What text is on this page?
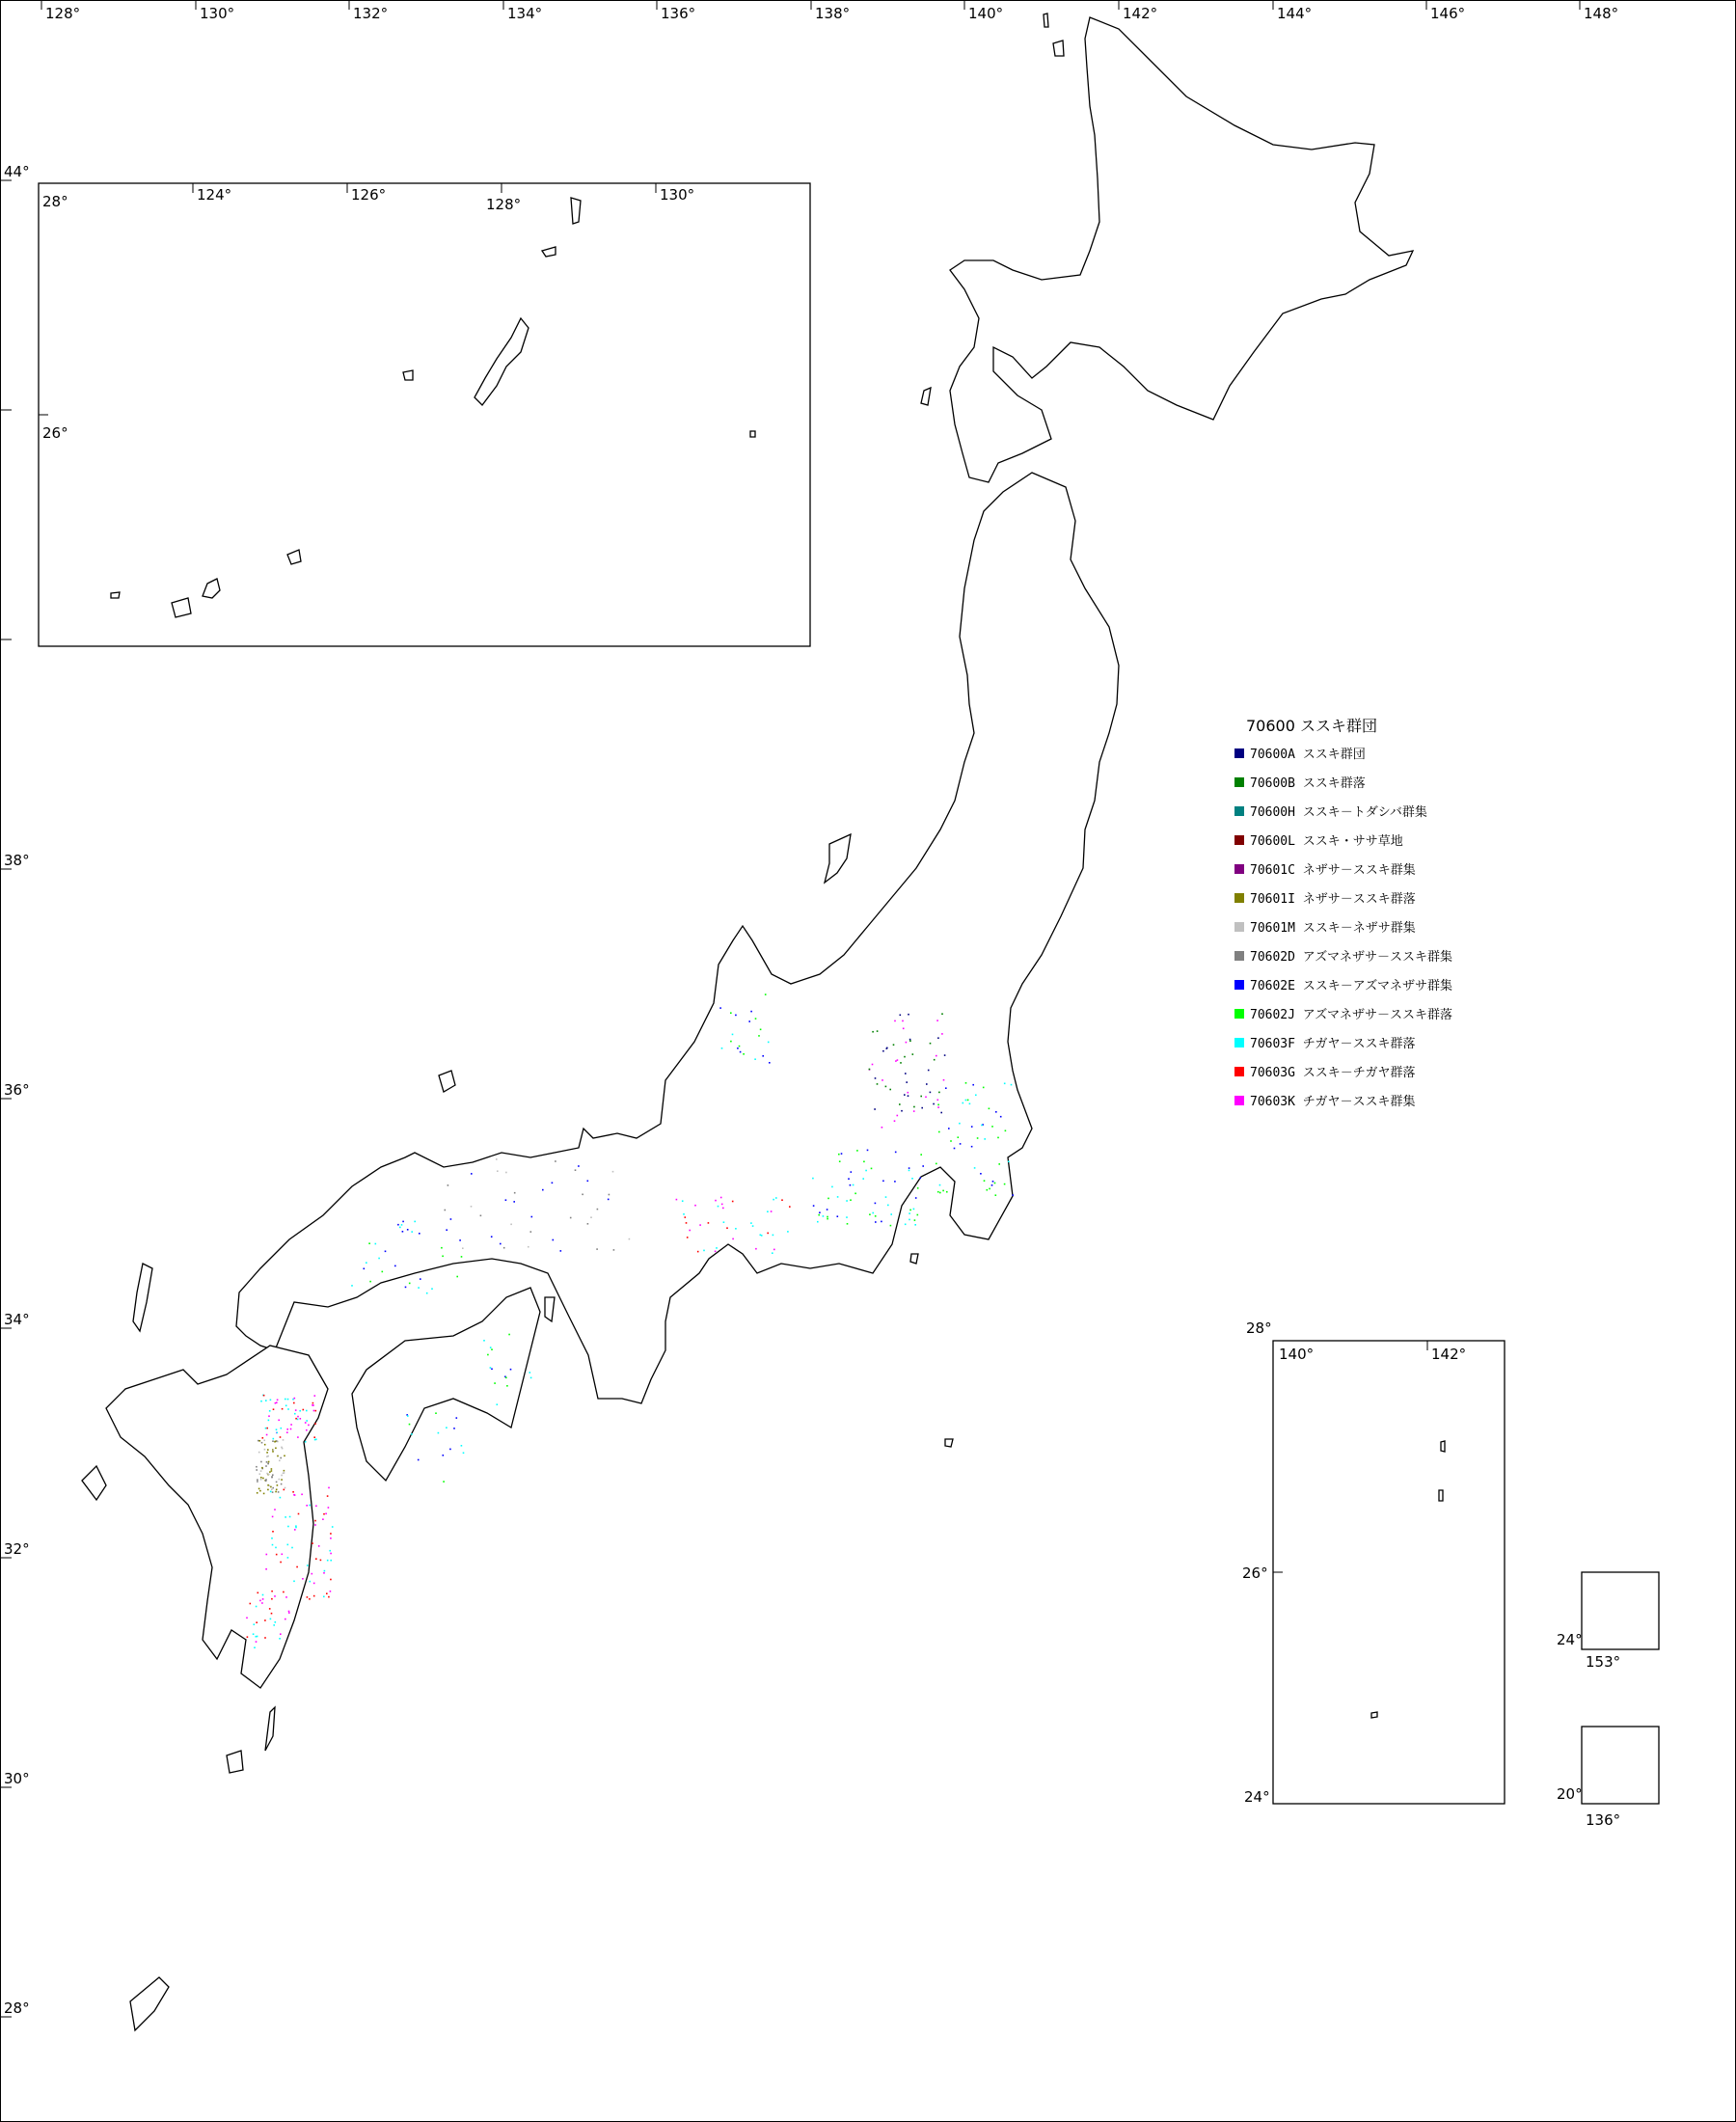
128°	130°	132°	134°	136°	138°	140°	142°	144°	146°	148°
44°
38°
36°
34°
32°
30°
28°
28°	124°	126°
128°
130°
26°
28°
140°	142°
26°
24°
24°
153°
20°
136°
70600 ススキ群団
70600A ススキ群団
70600B ススキ群落
70600H ススキ－トダシバ群集
70600L ススキ・ササ草地
70601C ネザサ－ススキ群集
70601I ネザサ－ススキ群落
70601M ススキ－ネザサ群集
70602D アズマネザサ－ススキ群集
70602E ススキ－アズマネザサ群集
70602J アズマネザサ－ススキ群落
70603F チガヤ－ススキ群落
70603G ススキ－チガヤ群落
70603K チガヤ－ススキ群集
